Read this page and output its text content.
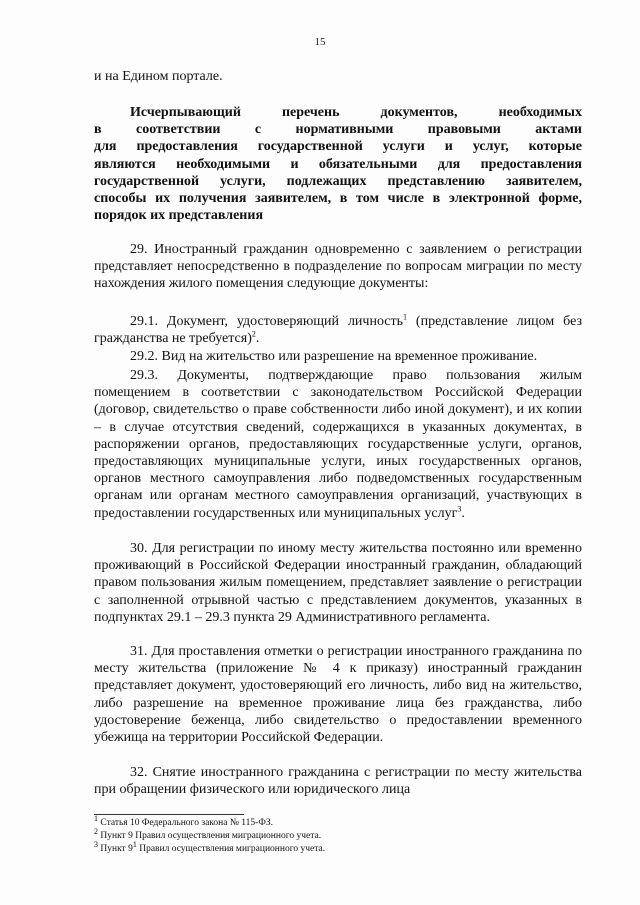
15
и на Едином портале.
Исчерпывающий перечень документов, необходимых
в соответствии с нормативными правовыми актами
для предоставления государственной услуги и услуг, которые
являются необходимыми и обязательными для предоставления
государственной услуги, подлежащих представлению заявителем,
способы их получения заявителем, в том числе в электронной форме,
порядок их представления
29. Иностранный гражданин одновременно с заявлением о регистрации представляет непосредственно в подразделение по вопросам миграции по месту нахождения жилого помещения следующие документы:
29.1. Документ, удостоверяющий личность$^1$ (представление лицом без гражданства не требуется)$^2$.
29.2. Вид на жительство или разрешение на временное проживание.
29.3. Документы, подтверждающие право пользования жилым помещением в соответствии с законодательством Российской Федерации (договор, свидетельство о праве собственности либо иной документ), и их копии – в случае отсутствия сведений, содержащихся в указанных документах, в распоряжении органов, предоставляющих государственные услуги, органов, предоставляющих муниципальные услуги, иных государственных органов, органов местного самоуправления либо подведомственных государственным органам или органам местного самоуправления организаций, участвующих в предоставлении государственных или муниципальных услуг$^3$.
30. Для регистрации по иному месту жительства постоянно или временно проживающий в Российской Федерации иностранный гражданин, обладающий правом пользования жилым помещением, представляет заявление о регистрации с заполненной отрывной частью с представлением документов, указанных в подпунктах 29.1 – 29.3 пункта 29 Административного регламента.
31. Для проставления отметки о регистрации иностранного гражданина по месту жительства (приложение № 4 к приказу) иностранный гражданин представляет документ, удостоверяющий его личность, либо вид на жительство, либо разрешение на временное проживание лица без гражданства, либо удостоверение беженца, либо свидетельство о предоставлении временного убежища на территории Российской Федерации.
32. Снятие иностранного гражданина с регистрации по месту жительства при обращении физического или юридического лица
$^1$ Статья 10 Федерального закона № 115-ФЗ.
$^2$ Пункт 9 Правил осуществления миграционного учета.
$^3$ Пункт $9^1$ Правил осуществления миграционного учета.
